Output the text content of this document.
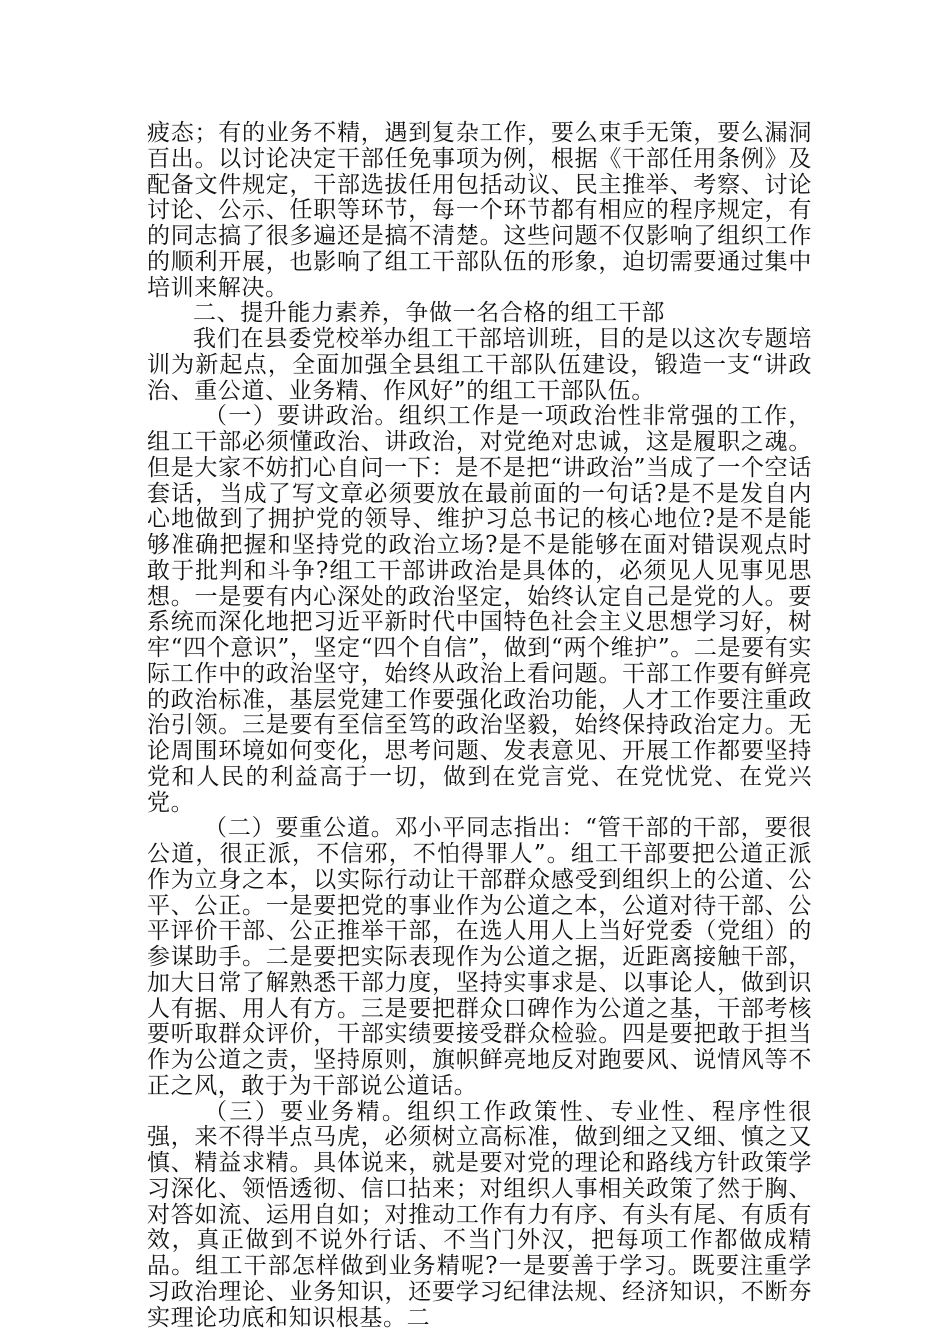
疲态；有的业务不精，遇到复杂工作，要么束手无策，要么漏洞百出。以讨论决定干部任免事项为例，根据《干部任用条例》及配备文件规定，干部选拔任用包括动议、民主推举、考察、讨论讨论、公示、任职等环节，每一个环节都有相应的程序规定，有的同志搞了很多遍还是搞不清楚。这些问题不仅影响了组织工作的顺利开展，也影响了组工干部队伍的形象，迫切需要通过集中培训来解决。

二、提升能力素养，争做一名合格的组工干部

我们在县委党校举办组工干部培训班，目的是以这次专题培训为新起点，全面加强全县组工干部队伍建设，锻造一支“讲政治、重公道、业务精、作风好”的组工干部队伍。

（一）要讲政治。组织工作是一项政治性非常强的工作，组工干部必须懂政治、讲政治，对党绝对忠诚，这是履职之魂。但是大家不妨扪心自问一下：是不是把“讲政治”当成了一个空话套话，当成了写文章必须要放在最前面的一句话?是不是发自内心地做到了拥护党的领导、维护习总书记的核心地位?是不是能够准确把握和坚持党的政治立场?是不是能够在面对错误观点时敢于批判和斗争?组工干部讲政治是具体的，必须见人见事见思想。一是要有内心深处的政治坚定，始终认定自己是党的人。要系统而深化地把习近平新时代中国特色社会主义思想学习好，树牢“四个意识”，坚定“四个自信”，做到“两个维护”。二是要有实际工作中的政治坚守，始终从政治上看问题。干部工作要有鲜亮的政治标准，基层党建工作要强化政治功能，人才工作要注重政治引领。三是要有至信至笃的政治坚毅，始终保持政治定力。无论周围环境如何变化，思考问题、发表意见、开展工作都要坚持党和人民的利益高于一切，做到在党言党、在党忧党、在党兴党。

（二）要重公道。邓小平同志指出：“管干部的干部，要很公道，很正派，不信邪，不怕得罪人”。组工干部要把公道正派作为立身之本，以实际行动让干部群众感受到组织上的公道、公平、公正。一是要把党的事业作为公道之本，公道对待干部、公平评价干部、公正推举干部，在选人用人上当好党委（党组）的参谋助手。二是要把实际表现作为公道之据，近距离接触干部，加大日常了解熟悉干部力度，坚持实事求是、以事论人，做到识人有据、用人有方。三是要把群众口碑作为公道之基，干部考核要听取群众评价，干部实绩要接受群众检验。四是要把敢于担当作为公道之责，坚持原则，旗帜鲜亮地反对跑要风、说情风等不正之风，敢于为干部说公道话。

（三）要业务精。组织工作政策性、专业性、程序性很强，来不得半点马虎，必须树立高标准，做到细之又细、慎之又慎、精益求精。具体说来，就是要对党的理论和路线方针政策学习深化、领悟透彻、信口拈来；对组织人事相关政策了然于胸、对答如流、运用自如；对推动工作有力有序、有头有尾、有质有效，真正做到不说外行话、不当门外汉，把每项工作都做成精品。组工干部怎样做到业务精呢?一是要善于学习。既要注重学习政治理论、业务知识，还要学习纪律法规、经济知识，不断夯实理论功底和知识根基。二
